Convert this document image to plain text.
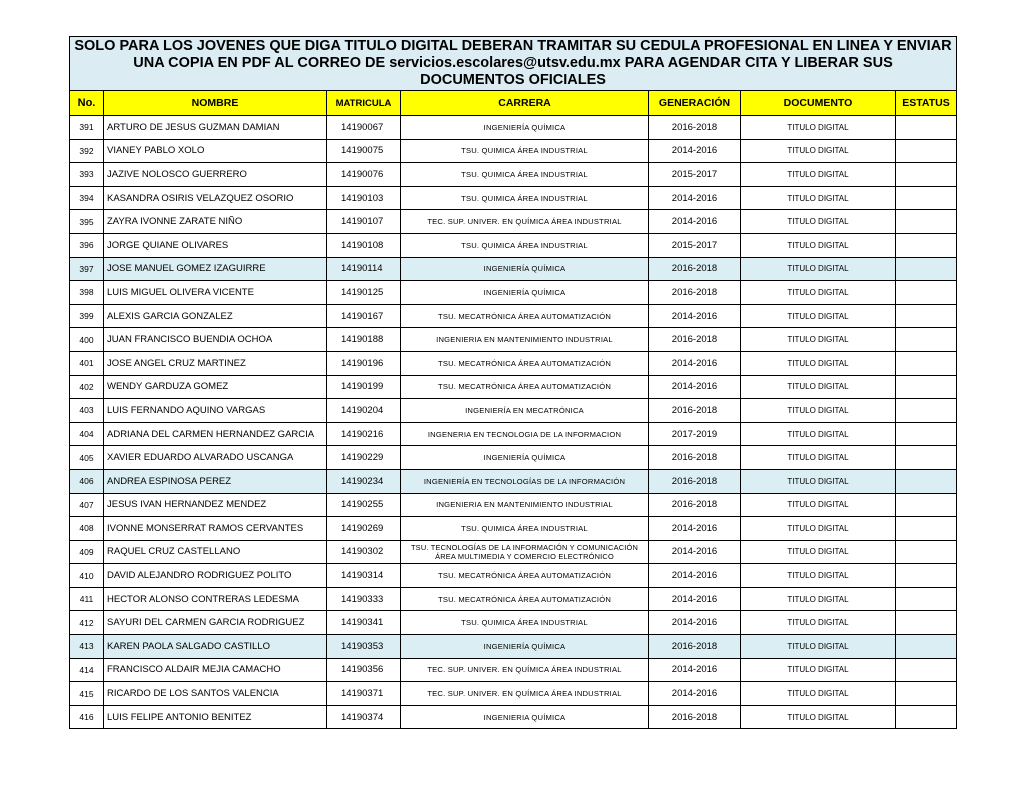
SOLO PARA LOS JOVENES QUE DIGA TITULO DIGITAL DEBERAN TRAMITAR SU CEDULA PROFESIONAL EN LINEA Y ENVIAR
UNA COPIA EN PDF AL CORREO DE servicios.escolares@utsv.edu.mx PARA AGENDAR CITA Y LIBERAR SUS
DOCUMENTOS OFICIALES						

No.	NOMBRE	MATRICULA	CARRERA	GENERACIÓN	DOCUMENTO	ESTATUS
391	ARTURO DE JESUS GUZMAN DAMIAN	14190067	INGENIERÍA QUÍMICA	2016-2018	TITULO DIGITAL	
392	VIANEY PABLO XOLO	14190075	TSU. QUIMICA ÁREA INDUSTRIAL	2014-2016	TITULO DIGITAL	
393	JAZIVE NOLOSCO GUERRERO	14190076	TSU. QUIMICA ÁREA INDUSTRIAL	2015-2017	TITULO DIGITAL	
394	KASANDRA OSIRIS VELAZQUEZ OSORIO	14190103	TSU. QUIMICA ÁREA INDUSTRIAL	2014-2016	TITULO DIGITAL	
395	ZAYRA IVONNE ZARATE NIÑO	14190107	TEC. SUP. UNIVER. EN QUÍMICA ÁREA INDUSTRIAL	2014-2016	TITULO DIGITAL	
396	JORGE QUIANE OLIVARES	14190108	TSU. QUIMICA ÁREA INDUSTRIAL	2015-2017	TITULO DIGITAL	
397	JOSE MANUEL GOMEZ IZAGUIRRE	14190114	INGENIERÍA QUÍMICA	2016-2018	TITULO DIGITAL	
398	LUIS MIGUEL OLIVERA VICENTE	14190125	INGENIERÍA QUÍMICA	2016-2018	TITULO DIGITAL	
399	ALEXIS GARCIA GONZALEZ	14190167	TSU. MECATRÓNICA ÁREA AUTOMATIZACIÓN	2014-2016	TITULO DIGITAL	
400	JUAN FRANCISCO BUENDIA OCHOA	14190188	INGENIERIA EN MANTENIMIENTO INDUSTRIAL	2016-2018	TITULO DIGITAL	
401	JOSE ANGEL CRUZ MARTINEZ	14190196	TSU. MECATRÓNICA ÁREA AUTOMATIZACIÓN	2014-2016	TITULO DIGITAL	
402	WENDY GARDUZA GOMEZ	14190199	TSU. MECATRÓNICA ÁREA AUTOMATIZACIÓN	2014-2016	TITULO DIGITAL	
403	LUIS FERNANDO AQUINO VARGAS	14190204	INGENIERÍA EN MECATRÓNICA	2016-2018	TITULO DIGITAL	
404	ADRIANA DEL CARMEN HERNANDEZ GARCIA	14190216	INGENERIA EN TECNOLOGIA DE LA INFORMACION	2017-2019	TITULO DIGITAL	
405	XAVIER EDUARDO ALVARADO USCANGA	14190229	INGENIERÍA QUÍMICA	2016-2018	TITULO DIGITAL	
406	ANDREA ESPINOSA PEREZ	14190234	INGENIERÍA EN TECNOLOGÍAS DE LA INFORMACIÓN	2016-2018	TITULO DIGITAL	
407	JESUS IVAN HERNANDEZ MENDEZ	14190255	INGENIERIA EN MANTENIMIENTO INDUSTRIAL	2016-2018	TITULO DIGITAL	
408	IVONNE MONSERRAT RAMOS CERVANTES	14190269	TSU. QUIMICA ÁREA INDUSTRIAL	2014-2016	TITULO DIGITAL	
409	RAQUEL CRUZ CASTELLANO	14190302	TSU. TECNOLOGÍAS DE LA INFORMACIÓN Y COMUNICACIÓN ÁREA MULTIMEDIA Y COMERCIO ELECTRÓNICO	2014-2016	TITULO DIGITAL	
410	DAVID ALEJANDRO RODRIGUEZ POLITO	14190314	TSU. MECATRÓNICA ÁREA AUTOMATIZACIÓN	2014-2016	TITULO DIGITAL	
411	HECTOR ALONSO CONTRERAS LEDESMA	14190333	TSU. MECATRÓNICA ÁREA AUTOMATIZACIÓN	2014-2016	TITULO DIGITAL	
412	SAYURI DEL CARMEN GARCIA RODRIGUEZ	14190341	TSU. QUIMICA ÁREA INDUSTRIAL	2014-2016	TITULO DIGITAL	
413	KAREN PAOLA SALGADO CASTILLO	14190353	INGENIERÍA QUÍMICA	2016-2018	TITULO DIGITAL	
414	FRANCISCO ALDAIR MEJIA CAMACHO	14190356	TEC. SUP. UNIVER. EN QUÍMICA ÁREA INDUSTRIAL	2014-2016	TITULO DIGITAL	
415	RICARDO DE LOS SANTOS VALENCIA	14190371	TEC. SUP. UNIVER. EN QUÍMICA ÁREA INDUSTRIAL	2014-2016	TITULO DIGITAL	
416	LUIS FELIPE ANTONIO BENITEZ	14190374	INGENIERIA QUÍMICA	2016-2018	TITULO DIGITAL	
